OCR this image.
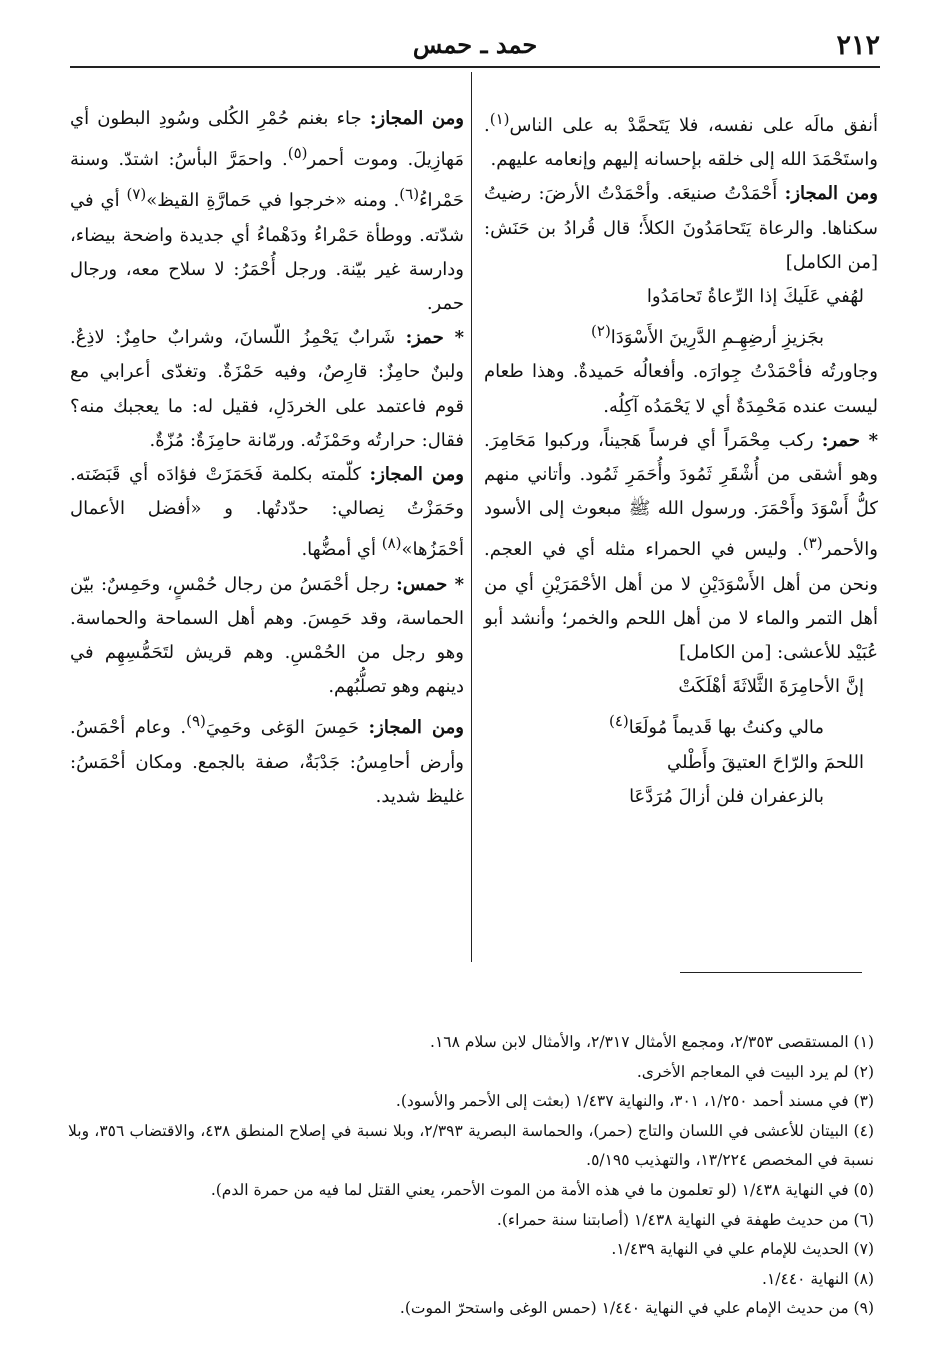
٢١٢
حمد ـ حمس

أنفق مالَه على نفسه، فلا يَتَحمَّدْ به على الناس$^{(١)}$. واستَحْمَدَ الله إلى خلقه بإحسانه إليهم وإنعامه عليهم.

ومن المجاز: أَحْمَدْتُ صنيعَه. وأحْمَدْتُ الأرضَ: رضيتُ سكناها. والرعاة يَتَحامَدُونَ الكلأَ؛ قال قُرادُ بن حَنَش: [من الكامل]

لهُفي عَلَيكَ إذا الرِّعاةُ تَحامَدُوا
بجَزيزِ أرضِهِـمِ الدَّرِينَ الأَسْوَدَا$^{(٢)}$

وجاورتُه فأحْمَدْتُ جِوارَه. وأفعالُه حَميدةٌ. وهذا طعام ليست عنده مَحْمِدَةٌ أي لا يَحْمَدُه آكِلُه.

* حمر: ركب مِحْمَراً أي فرساً هَجيناً، وركبوا مَحَامِرَ. وهو أشقى من أُشْقَرِ ثَمُودَ وأُحَمَرِ ثَمُود. وأتاني منهم كلُّ أَسْوَدَ وأَحْمَرَ. ورسول الله ﷺ مبعوث إلى الأسود والأحمر$^{(٣)}$. وليس في الحمراء مثله أي في العجم. ونحن من أهل الأَسْوَدَيْنِ لا من أهل الأحْمَرَيْنِ أي من أهل التمر والماء لا من أهل اللحم والخمر؛ وأنشد أبو عُبَيْد للأعشى: [من الكامل]

إنَّ الأحامِرَةَ الثَّلاثَةَ أهْلَكَتْ
مالي وكنتُ بها قَديماً مُولَعَا$^{(٤)}$
اللحمَ والرّاحَ العتيقَ وأَطْلي
بالزعفران فلن أزالَ مُرَدَّعَا

ومن المجاز: جاء بغنم حُمْرِ الكُلى وسُودِ البطون أي مَهازِيلَ. وموت أحمر$^{(٥)}$. واحمَرَّ البأسُ: اشتدّ. وسنة حَمْراءُ$^{(٦)}$. ومنه «خرجوا في حَمارَّةِ القيظ»$^{(٧)}$ أي في شدّته. ووطأة حَمْراءُ ودَهْماءُ أي جديدة واضحة بيضاء، ودارسة غير بيّنة. ورجل أُحْمَرُ: لا سلاح معه، ورجال حمر.

* حمز: شَرابٌ يَحْمِزُ اللّسانَ، وشرابٌ حامِزٌ: لاذِعٌ. ولبنٌ حامِزٌ: قارِصٌ، وفيه حَمْزَةٌ. وتغدّى أعرابي مع قوم فاعتمد على الخردَلِ، فقيل له: ما يعجبك منه؟ فقال: حرارتُه وحَمْزَتُه. ورمّانة حامِزَةٌ: مُزّةٌ.

ومن المجاز: كلّمته بكلمة فَحَمَزَتْ فؤادَه أي قَبَضَته. وحَمَزْتُ نِصالي: حدّدتُها. و «أفضل الأعمال أحْمَزُها»$^{(٨)}$ أي أمضُّها.

* حمس: رجل أحْمَسُ من رجال حُمْسٍ، وحَمِسٌ: بيّن الحماسة، وقد حَمِسَ. وهم أهل السماحة والحماسة. وهو رجل من الحُمْسِ. وهم قريش لتَحَمُّسِهِم في دينهم وهو تصلُّبُهم.

ومن المجاز: حَمِسَ الوَغى وحَمِيَ$^{(٩)}$. وعام أحْمَسُ. وأرض أحامِسُ: جَدْبَةٌ، صفة بالجمع. ومكان أحْمَسُ: غليظ شديد.

(١) المستقصى ٢/٣٥٣، ومجمع الأمثال ٢/٣١٧، والأمثال لابن سلام ١٦٨.
(٢) لم يرد البيت في المعاجم الأخرى.
(٣) في مسند أحمد ١/٢٥٠، ٣٠١، والنهاية ١/٤٣٧ (بعثت إلى الأحمر والأسود).
(٤) البيتان للأعشى في اللسان والتاج (حمر)، والحماسة البصرية ٢/٣٩٣، وبلا نسبة في إصلاح المنطق ٤٣٨، والاقتضاب ٣٥٦، وبلا نسبة في المخصص ١٣/٢٢٤، والتهذيب ٥/١٩٥.
(٥) في النهاية ١/٤٣٨ (لو تعلمون ما في هذه الأمة من الموت الأحمر، يعني القتل لما فيه من حمرة الدم).
(٦) من حديث طهفة في النهاية ١/٤٣٨ (أصابتنا سنة حمراء).
(٧) الحديث للإمام علي في النهاية ١/٤٣٩.
(٨) النهاية ١/٤٤٠.
(٩) من حديث الإمام علي في النهاية ١/٤٤٠ (حمس الوغى واستحرّ الموت).
